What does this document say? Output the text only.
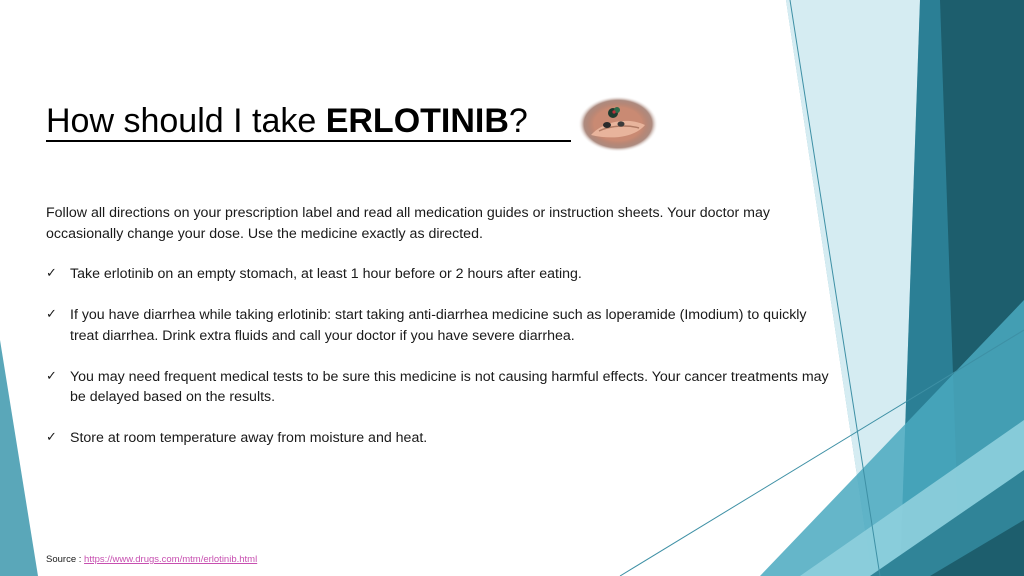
How should I take ERLOTINIB?

Follow all directions on your prescription label and read all medication guides or instruction sheets. Your doctor may occasionally change your dose. Use the medicine exactly as directed.

✓ Take erlotinib on an empty stomach, at least 1 hour before or 2 hours after eating.
✓ If you have diarrhea while taking erlotinib: start taking anti-diarrhea medicine such as loperamide (Imodium) to quickly treat diarrhea. Drink extra fluids and call your doctor if you have severe diarrhea.
✓ You may need frequent medical tests to be sure this medicine is not causing harmful effects. Your cancer treatments may be delayed based on the results.
✓ Store at room temperature away from moisture and heat.
Source : https://www.drugs.com/mtm/erlotinib.html
